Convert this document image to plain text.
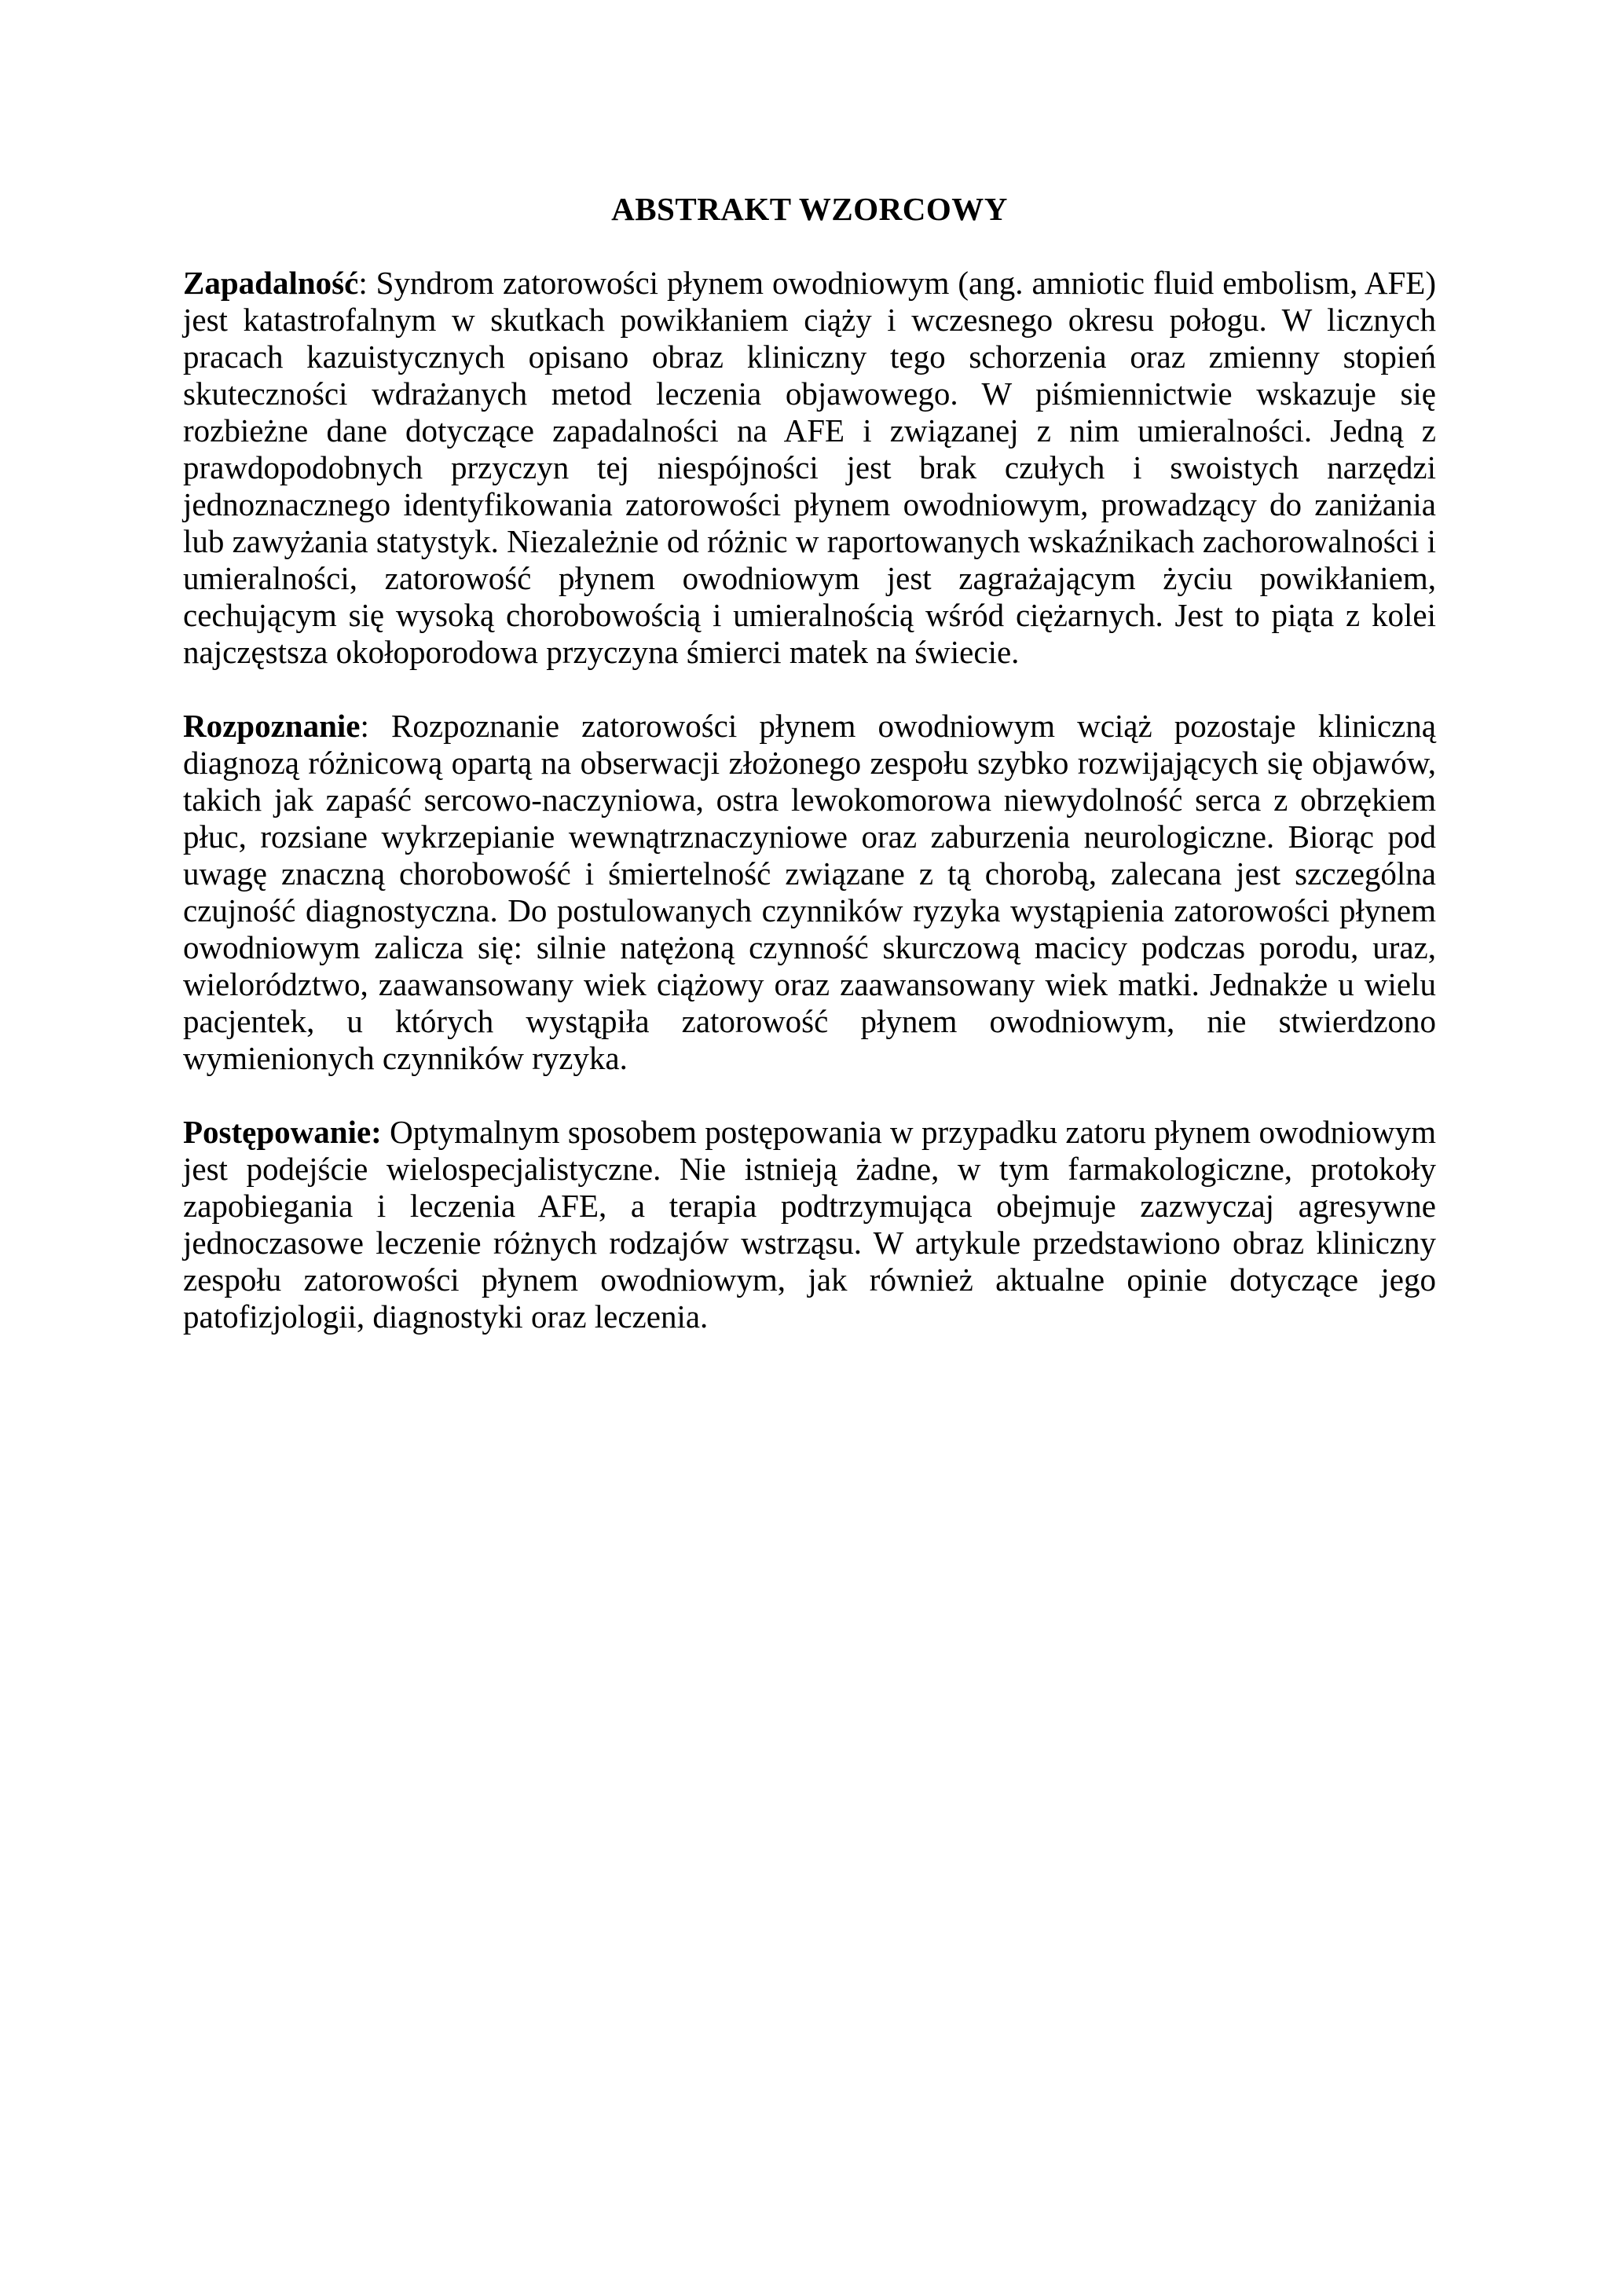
ABSTRAKT WZORCOWY

Zapadalność: Syndrom zatorowości płynem owodniowym (ang. amniotic fluid embolism, AFE) jest katastrofalnym w skutkach powikłaniem ciąży i wczesnego okresu połogu. W licznych pracach kazuistycznych opisano obraz kliniczny tego schorzenia oraz zmienny stopień skuteczności wdrażanych metod leczenia objawowego. W piśmiennictwie wskazuje się rozbieżne dane dotyczące zapadalności na AFE i związanej z nim umieralności. Jedną z prawdopodobnych przyczyn tej niespójności jest brak czułych i swoistych narzędzi jednoznacznego identyfikowania zatorowości płynem owodniowym, prowadzący do zaniżania lub zawyżania statystyk. Niezależnie od różnic w raportowanych wskaźnikach zachorowalności i umieralności, zatorowość płynem owodniowym jest zagrażającym życiu powikłaniem, cechującym się wysoką chorobowością i umieralnością wśród ciężarnych. Jest to piąta z kolei najczęstsza okołoporodowa przyczyna śmierci matek na świecie.

Rozpoznanie: Rozpoznanie zatorowości płynem owodniowym wciąż pozostaje kliniczną diagnozą różnicową opartą na obserwacji złożonego zespołu szybko rozwijających się objawów, takich jak zapaść sercowo-naczyniowa, ostra lewokomorowa niewydolność serca z obrzękiem płuc, rozsiane wykrzepianie wewnątrznaczyniowe oraz zaburzenia neurologiczne. Biorąc pod uwagę znaczną chorobowość i śmiertelność związane z tą chorobą, zalecana jest szczególna czujność diagnostyczna. Do postulowanych czynników ryzyka wystąpienia zatorowości płynem owodniowym zalicza się: silnie natężoną czynność skurczową macicy podczas porodu, uraz, wielorództwo, zaawansowany wiek ciążowy oraz zaawansowany wiek matki. Jednakże u wielu pacjentek, u których wystąpiła zatorowość płynem owodniowym, nie stwierdzono wymienionych czynników ryzyka.

Postępowanie: Optymalnym sposobem postępowania w przypadku zatoru płynem owodniowym jest podejście wielospecjalistyczne. Nie istnieją żadne, w tym farmakologiczne, protokoły zapobiegania i leczenia AFE, a terapia podtrzymująca obejmuje zazwyczaj agresywne jednoczasowe leczenie różnych rodzajów wstrząsu. W artykule przedstawiono obraz kliniczny zespołu zatorowości płynem owodniowym, jak również aktualne opinie dotyczące jego patofizjologii, diagnostyki oraz leczenia.
